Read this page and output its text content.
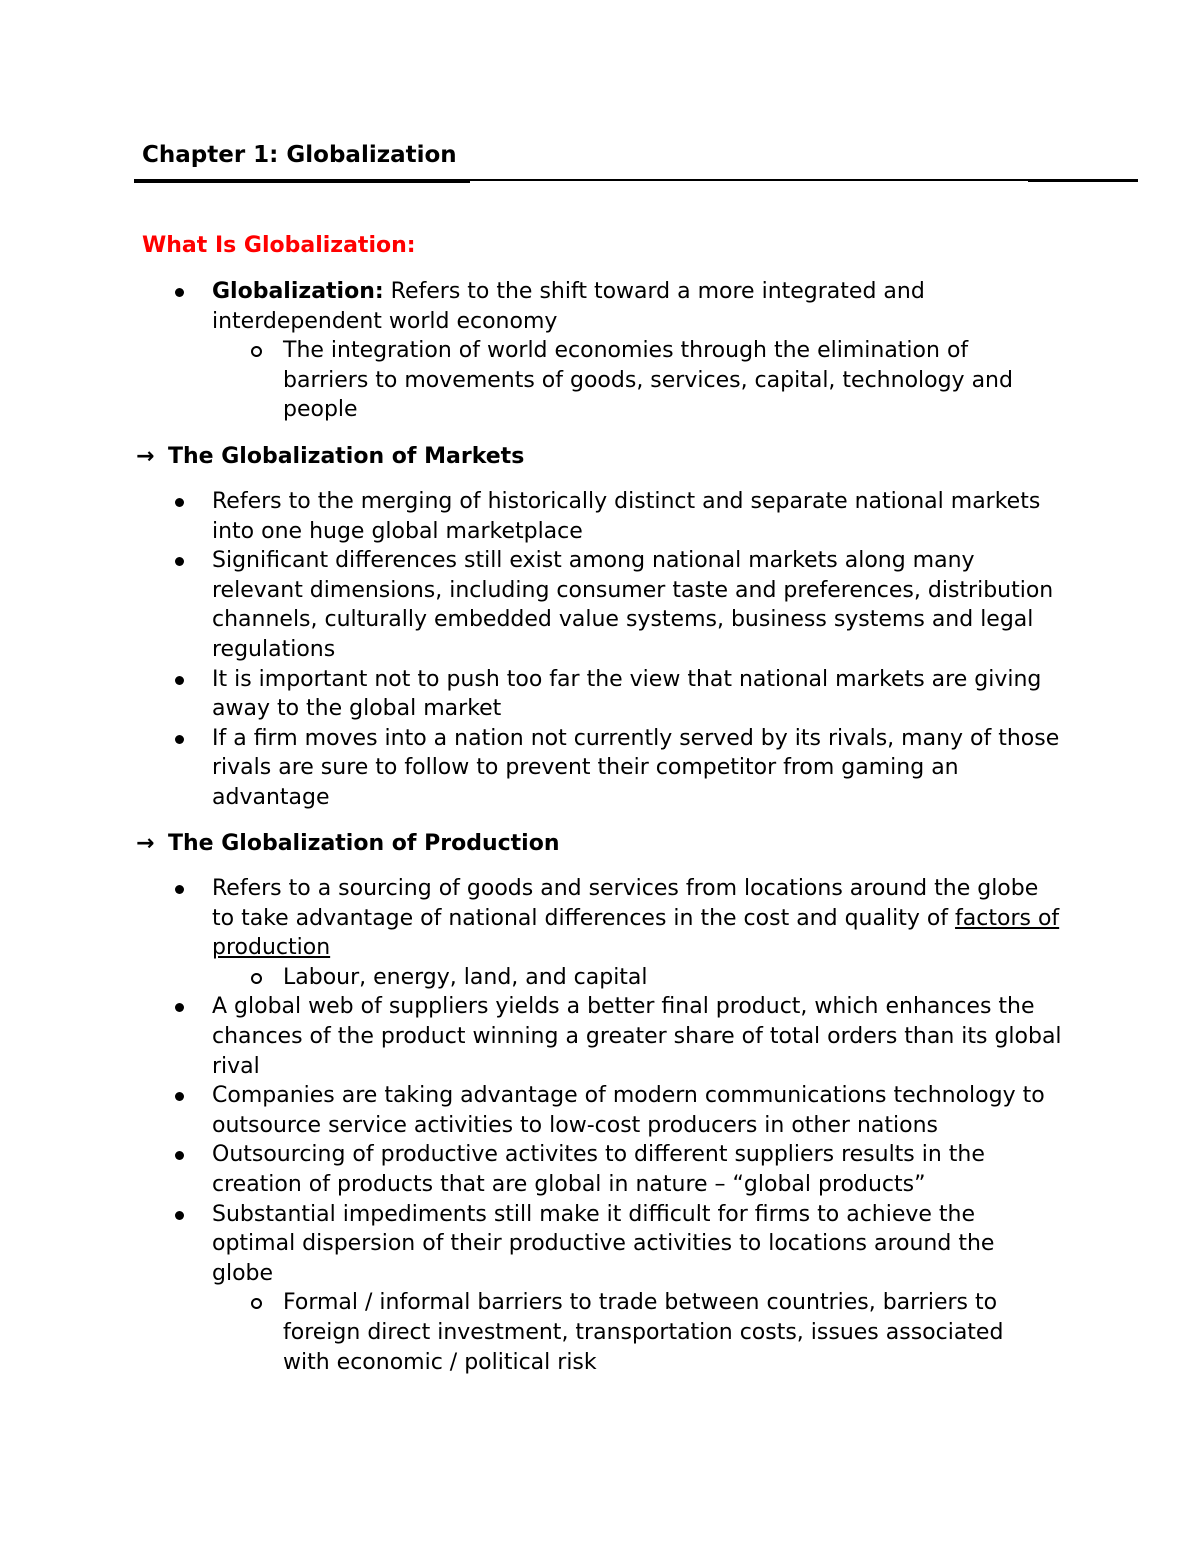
Chapter 1: Globalization
What Is Globalization:
Globalization: Refers to the shift toward a more integrated and interdependent world economy
The integration of world economies through the elimination of barriers to movements of goods, services, capital, technology and people
→ The Globalization of Markets
Refers to the merging of historically distinct and separate national markets into one huge global marketplace
Significant differences still exist among national markets along many relevant dimensions, including consumer taste and preferences, distribution channels, culturally embedded value systems, business systems and legal regulations
It is important not to push too far the view that national markets are giving away to the global market
If a firm moves into a nation not currently served by its rivals, many of those rivals are sure to follow to prevent their competitor from gaming an advantage
→ The Globalization of Production
Refers to a sourcing of goods and services from locations around the globe to take advantage of national differences in the cost and quality of factors of production
Labour, energy, land, and capital
A global web of suppliers yields a better final product, which enhances the chances of the product winning a greater share of total orders than its global rival
Companies are taking advantage of modern communications technology to outsource service activities to low-cost producers in other nations
Outsourcing of productive activites to different suppliers results in the creation of products that are global in nature – “global products”
Substantial impediments still make it difficult for firms to achieve the optimal dispersion of their productive activities to locations around the globe
Formal / informal barriers to trade between countries, barriers to foreign direct investment, transportation costs, issues associated with economic / political risk
